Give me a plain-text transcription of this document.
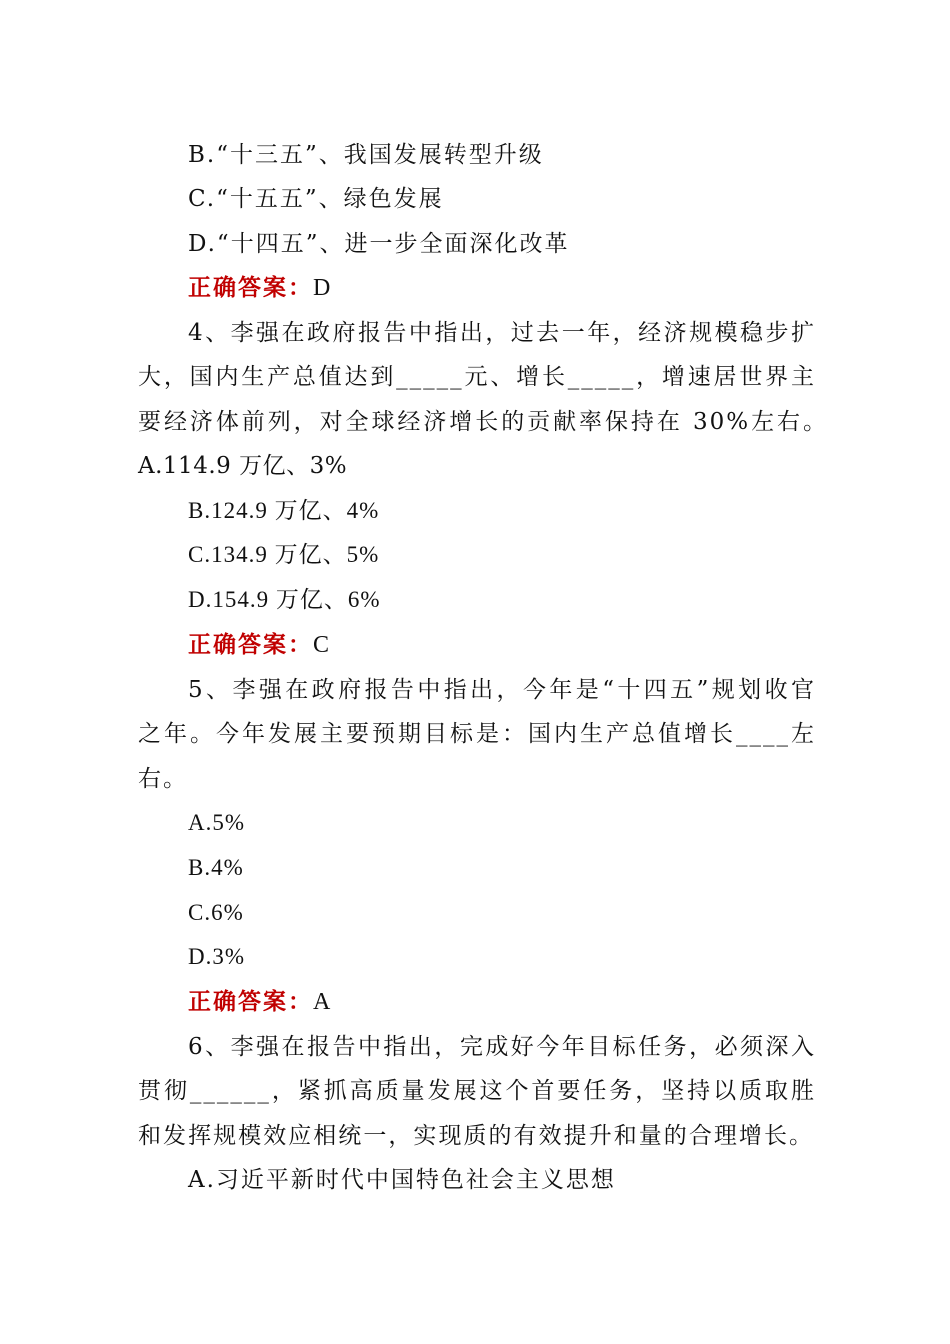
B.“十三五”、我国发展转型升级
C.“十五五”、绿色发展
D.“十四五”、进一步全面深化改革
正确答案：D
4、李强在政府报告中指出，过去一年，经济规模稳步扩
大，国内生产总值达到_____元、增长_____，增速居世界主
要经济体前列，对全球经济增长的贡献率保持在 30%左右。
A.114.9 万亿、3%
B.124.9 万亿、4%
C.134.9 万亿、5%
D.154.9 万亿、6%
正确答案：C
5、李强在政府报告中指出，今年是“十四五”规划收官
之年。今年发展主要预期目标是：国内生产总值增长____左
右。
A.5%
B.4%
C.6%
D.3%
正确答案：A
6、李强在报告中指出，完成好今年目标任务，必须深入
贯彻______，紧抓高质量发展这个首要任务，坚持以质取胜
和发挥规模效应相统一，实现质的有效提升和量的合理增长。
A.习近平新时代中国特色社会主义思想
